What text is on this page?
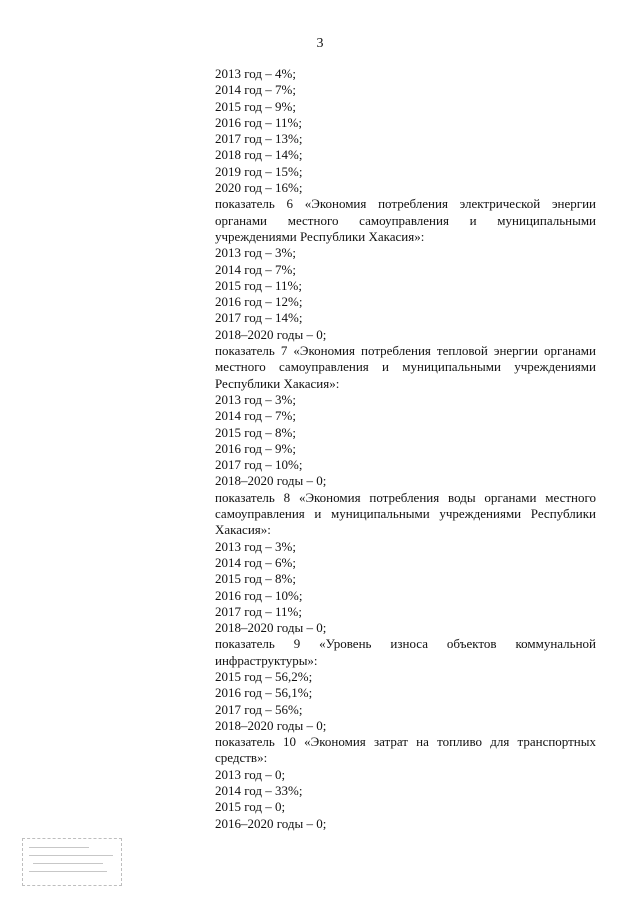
3
2013 год – 4%;
2014 год – 7%;
2015 год – 9%;
2016 год – 11%;
2017 год – 13%;
2018 год – 14%;
2019 год – 15%;
2020 год – 16%;
показатель 6 «Экономия потребления электрической энергии органами местного самоуправления и муниципальными учреждениями Республики Хакасия»:
2013 год – 3%;
2014 год – 7%;
2015 год – 11%;
2016 год – 12%;
2017 год – 14%;
2018–2020 годы – 0;
показатель 7 «Экономия потребления тепловой энергии органами местного самоуправления и муниципальными учреждениями Республики Хакасия»:
2013 год – 3%;
2014 год – 7%;
2015 год – 8%;
2016 год – 9%;
2017 год – 10%;
2018–2020 годы – 0;
показатель 8 «Экономия потребления воды органами местного самоуправления и муниципальными учреждениями Республики Хакасия»:
2013 год – 3%;
2014 год – 6%;
2015 год – 8%;
2016 год – 10%;
2017 год – 11%;
2018–2020 годы – 0;
показатель 9 «Уровень износа объектов коммунальной инфраструктуры»:
2015 год – 56,2%;
2016 год – 56,1%;
2017 год – 56%;
2018–2020 годы – 0;
показатель 10 «Экономия затрат на топливо для транспортных средств»:
2013 год – 0;
2014 год – 33%;
2015 год – 0;
2016–2020 годы – 0;
